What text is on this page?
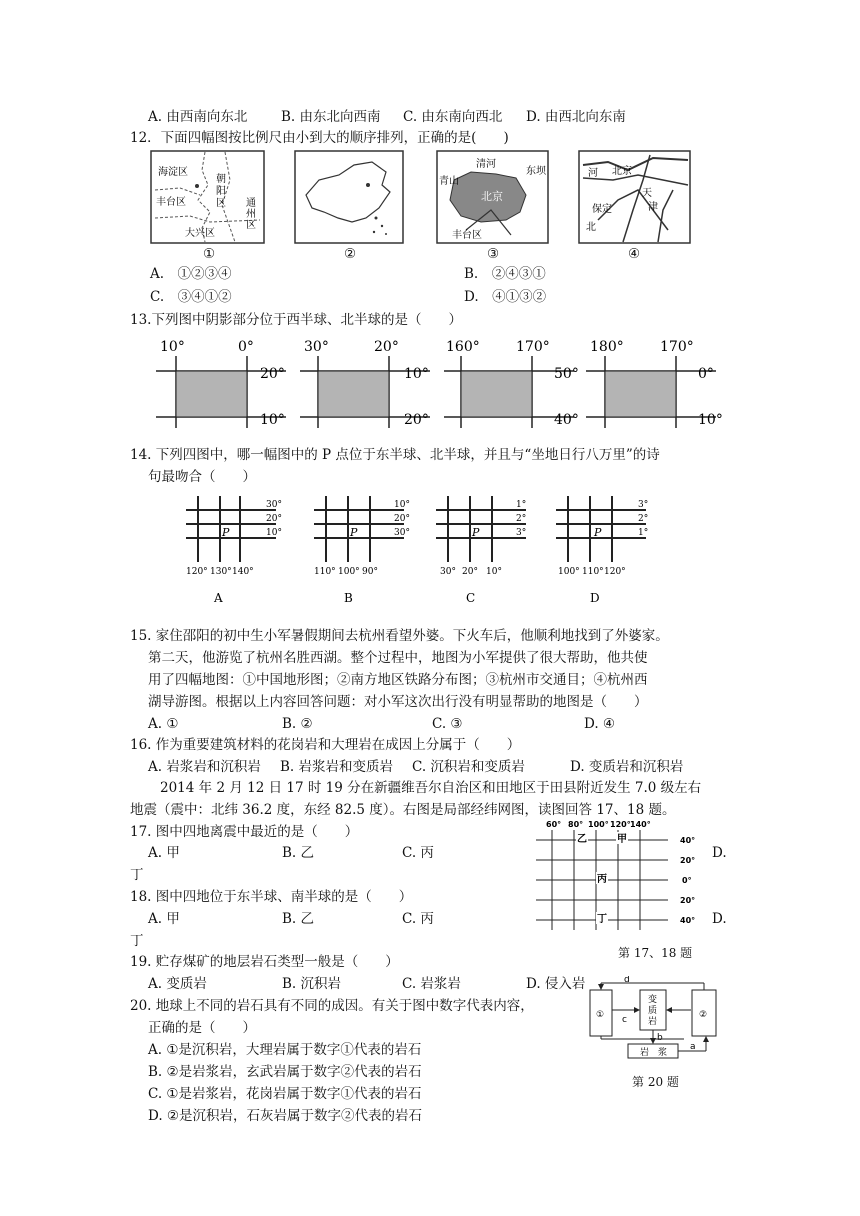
A. 由西南向东北 B. 由东北向西南 C. 由东南向西北 D. 由西北向东南
12．下面四幅图按比例尺由小到大的顺序排列，正确的是(　　)
海淀区
朝
阳
区
丰台区	通
州
区
大兴区
清河
东坝
青山
北京
丰台区
河 北京
天
津
保定
北
①	②	③	④
A.　①②③④	B.　②④③①
C.　③④①②	D.　④①③②
13.下列图中阴影部分位于西半球、北半球的是（　　）
10°	0°
20°
10°
30°	20°
10°
20°
160°	170°
50°
40°
180°	170°
0°
10°
14. 下列四图中，哪一幅图中的 P 点位于东半球、北半球，并且与“坐地日行八万里”的诗
句最吻合（　　）
P
30°
20°
10°
120° 130° 140°
A
P
10°
20°
30°
110° 100° 90°
B
P
1°
2°
3°
30° 20° 10°
C
P
3°
2°
1°
100° 110° 120°
D
15. 家住邵阳的初中生小军暑假期间去杭州看望外婆。下火车后，他顺利地找到了外婆家。
第二天，他游览了杭州名胜西湖。整个过程中，地图为小军提供了很大帮助，他共使
用了四幅地图：①中国地形图；②南方地区铁路分布图；③杭州市交通目；④杭州西
湖导游图。根据以上内容回答问题：对小军这次出行没有明显帮助的地图是（　　）
A. ①	B. ②	C. ③	D. ④
16. 作为重要建筑材料的花岗岩和大理岩在成因上分属于（　　）
A. 岩浆岩和沉积岩 B. 岩浆岩和变质岩 C. 沉积岩和变质岩	D. 变质岩和沉积岩
2014 年 2 月 12 日 17 时 19 分在新疆维吾尔自治区和田地区于田县附近发生 7.0 级左右
地震（震中：北纬 36.2 度，东经 82.5 度）。右图是局部经纬网图，读图回答 17、18 题。
17. 图中四地离震中最近的是（　　）
A. 甲	B. 乙	C. 丙	D.
丁
18. 图中四地位于东半球、南半球的是（　　）
A. 甲	B. 乙	C. 丙	D.
丁
60° 80° 100° 120° 140°
40°
20°
0°
20°
40°
乙	甲
丙
丁
第 17、18 题
19. 贮存煤矿的地层岩石类型一般是（　　）
A. 变质岩	B. 沉积岩	C. 岩浆岩	D. 侵入岩
20. 地球上不同的岩石具有不同的成因。有关于图中数字代表内容，
正确的是（　　）
A. ①是沉积岩，大理岩属于数字①代表的岩石
B. ②是岩浆岩，玄武岩属于数字②代表的岩石
C. ①是岩浆岩，花岗岩属于数字①代表的岩石
D. ②是沉积岩，石灰岩属于数字②代表的岩石
①	②
变
质
岩
岩　浆
d
c
b
a
第 20 题
